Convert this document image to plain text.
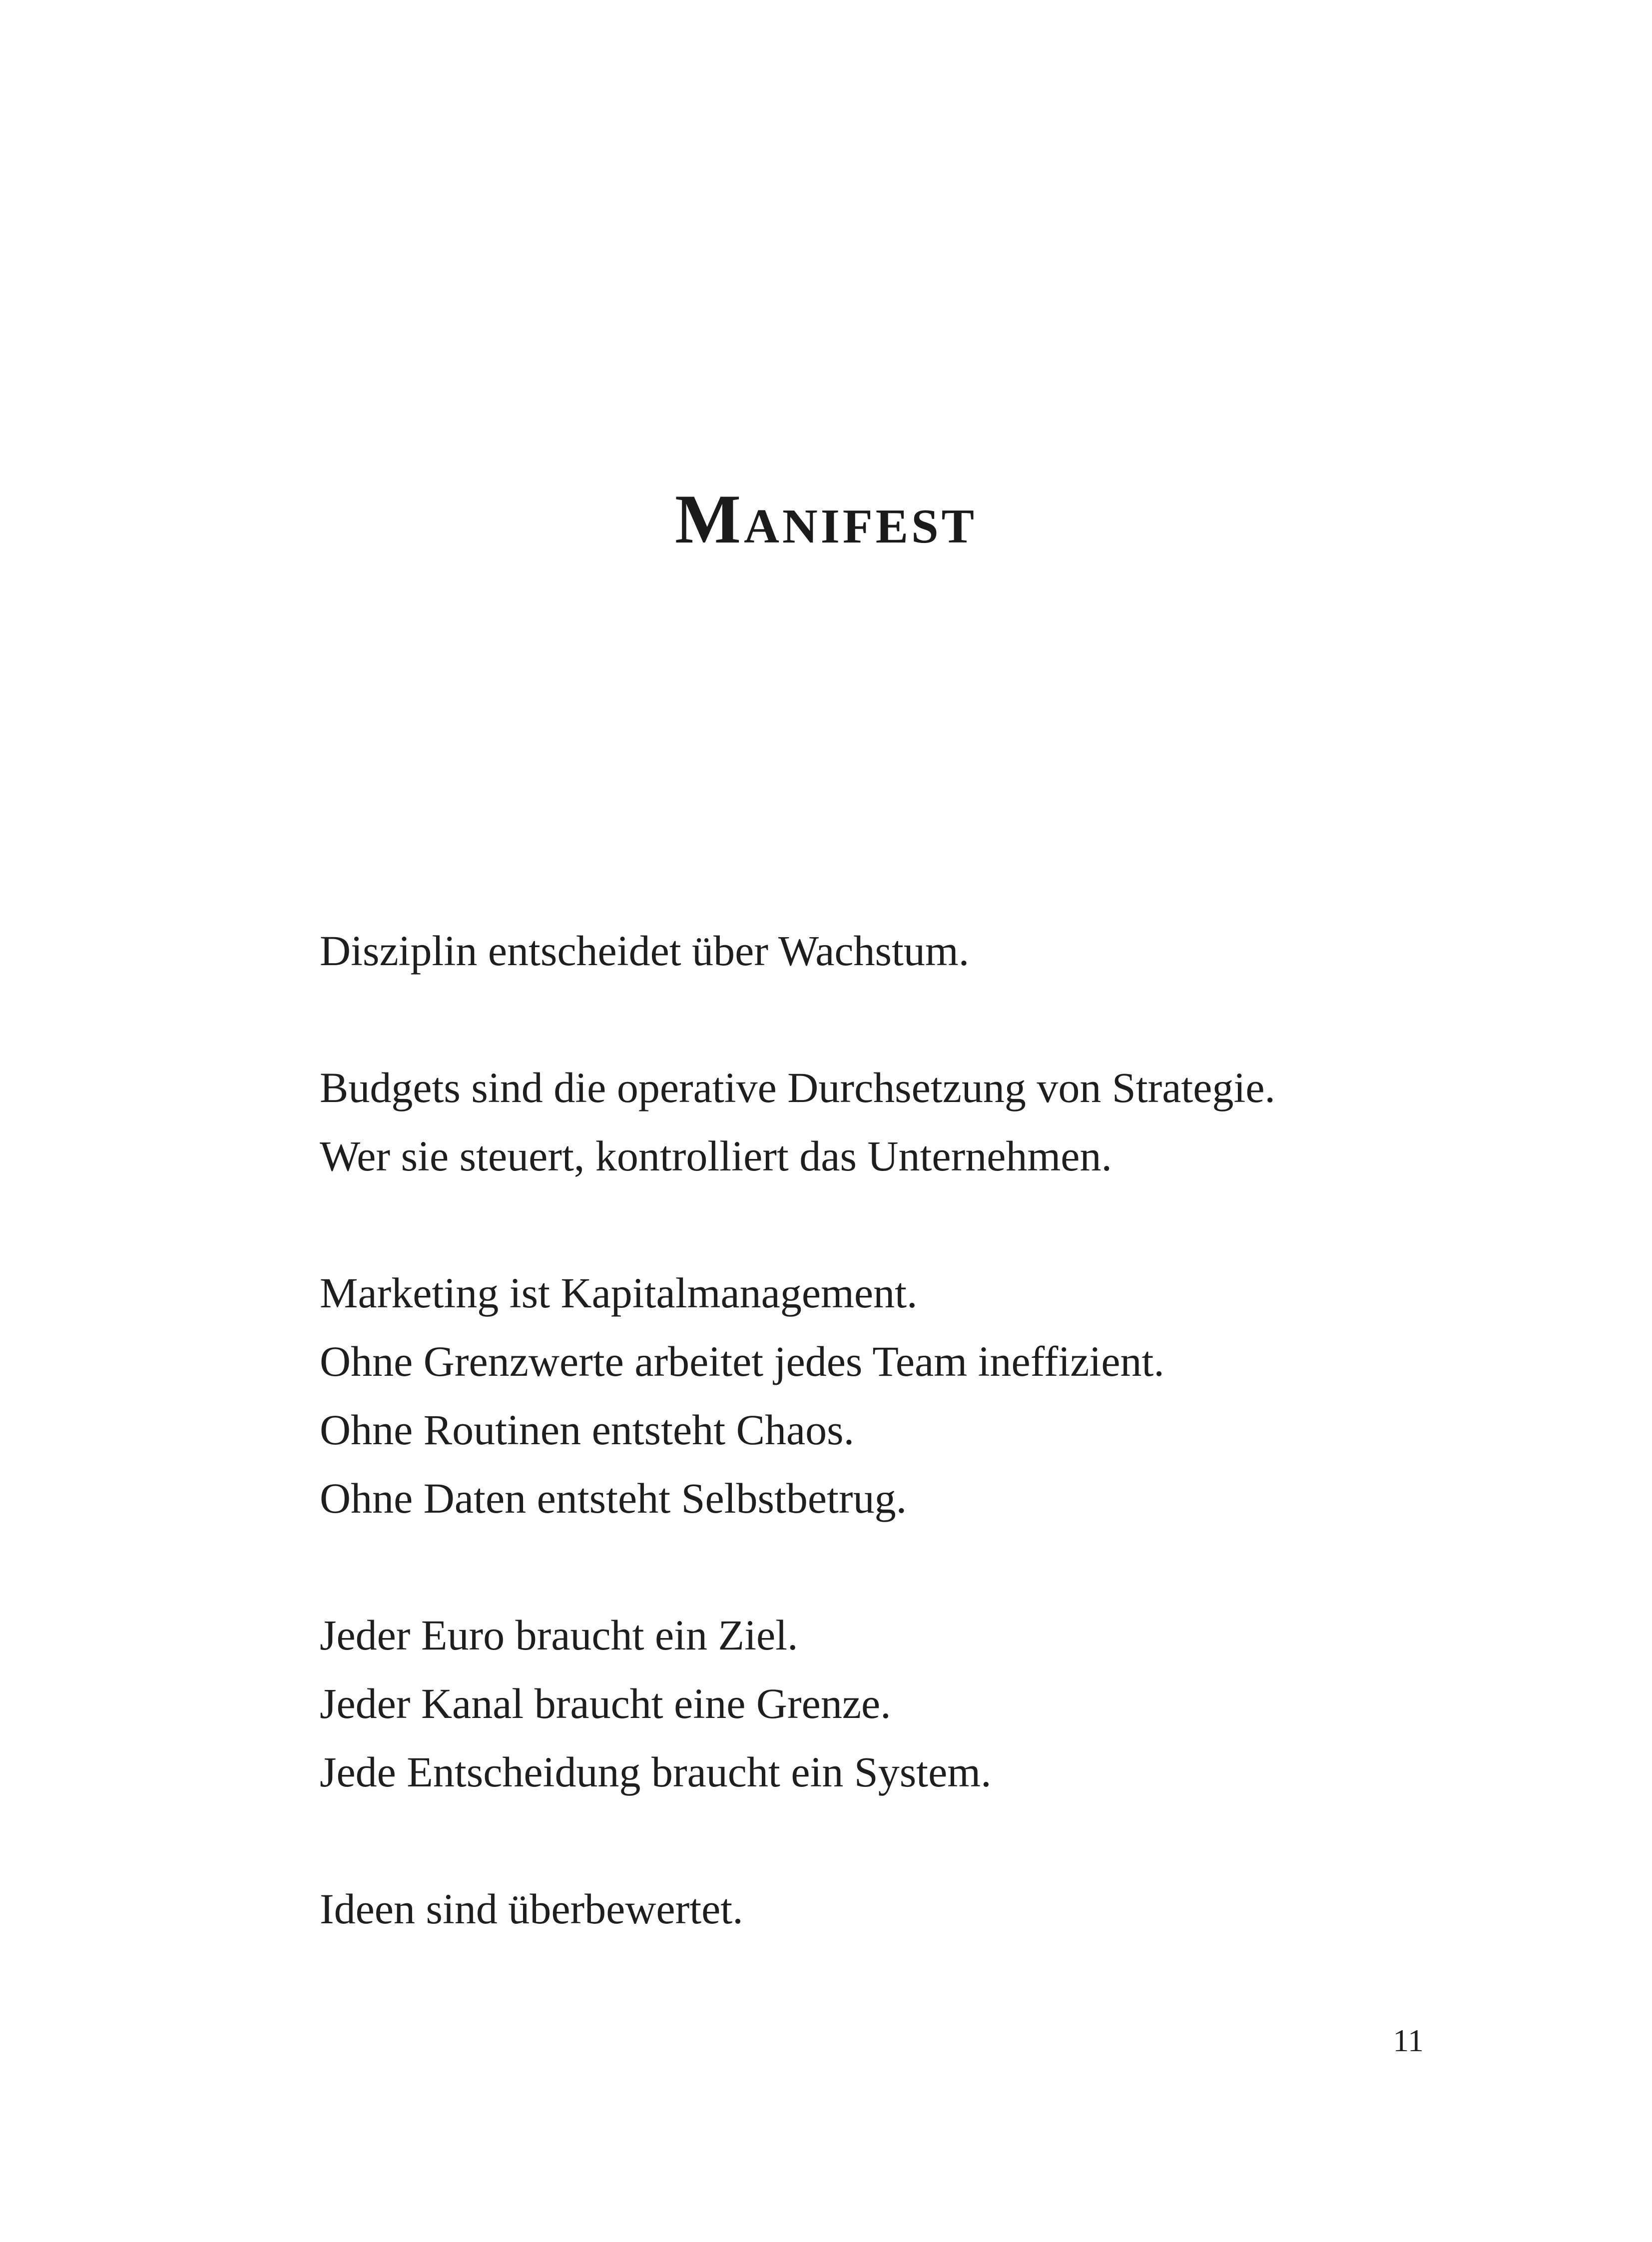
Manifest

Disziplin entscheidet über Wachstum.

Budgets sind die operative Durchsetzung von Strategie.
Wer sie steuert, kontrolliert das Unternehmen.

Marketing ist Kapitalmanagement.
Ohne Grenzwerte arbeitet jedes Team ineffizient.
Ohne Routinen entsteht Chaos.
Ohne Daten entsteht Selbstbetrug.

Jeder Euro braucht ein Ziel.
Jeder Kanal braucht eine Grenze.
Jede Entscheidung braucht ein System.

Ideen sind überbewertet.

11
